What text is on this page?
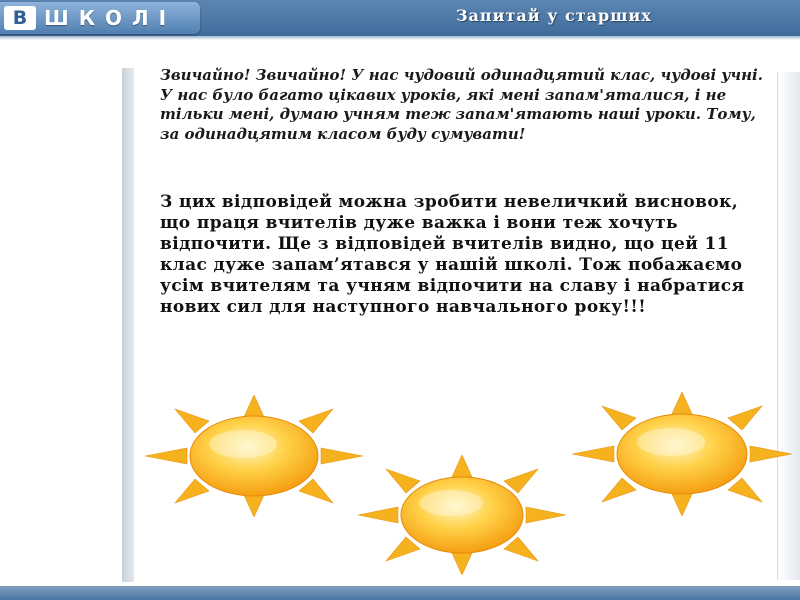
В ШКОЛІ	Запитай у старших
Звичайно! Звичайно! У нас чудовий одинадцятий клас, чудові учні. У нас було багато цікавих уроків, які мені запам'яталися, і не тільки мені, думаю учням теж запам'ятають наші уроки. Тому, за одинадцятим класом буду сумувати!
З цих відповідей можна зробити невеличкий висновок, що праця вчителів дуже важка і вони теж хочуть відпочити. Ще з відповідей вчителів видно, що цей 11 клас дуже запам’ятався у нашій школі. Тож побажаємо усім вчителям та учням відпочити на славу і набратися нових сил для наступного навчального року!!!
